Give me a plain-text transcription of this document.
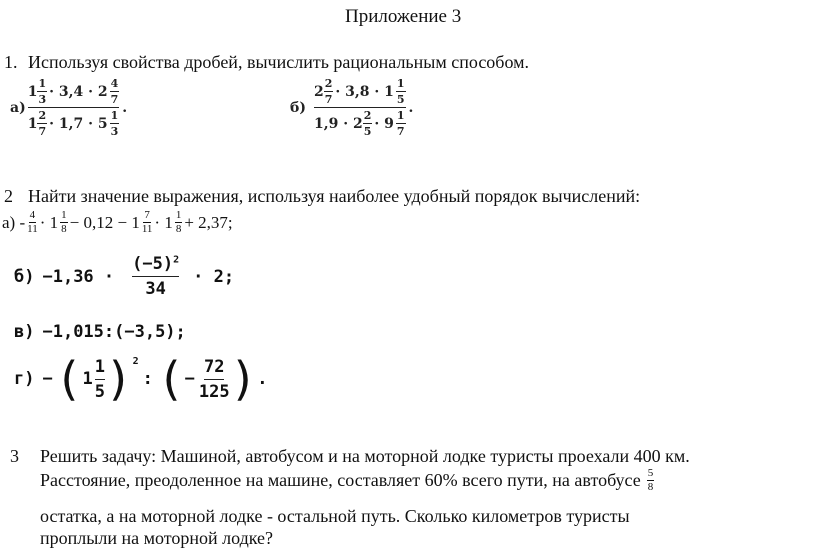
Приложение 3
1. Используя свойства дробей, вычислить рациональным способом.
$а) \frac{1 \frac{1}{3} \cdot 3,4 \cdot 2 \frac{4}{7}}{1 \frac{2}{7} \cdot 1,7 \cdot 5 \frac{1}{3}}$ .	$б) \frac{2 \frac{2}{7} \cdot 3,8 \cdot 1 \frac{1}{5}}{1,9 \cdot 2 \frac{2}{5} \cdot 9 \frac{1}{7}}$ .
2 Найти значение выражения, используя наиболее удобный порядок вычислений:
$а) - \frac{4}{11} \cdot 1 \frac{1}{8} - 0,12 - 1 \frac{7}{11} \cdot 1 \frac{1}{8} + 2,37$;
$б) -1,36 \cdot \frac{(-5)^2}{34} \cdot 2$;
в) −1,015:(−3,5);
г) − ( $1 \frac{1}{5} )^2$
: ( − $\frac{72}{125}$ ) .
3 Решить задачу: Машиной, автобусом и на моторной лодке туристы проехали 400 км.
Расстояние, преодоленное на машине, составляет 60% всего пути, на автобусе $\frac{5}{8}$
остатка, а на моторной лодке - остальной путь. Сколько километров туристы
проплыли на моторной лодке?
